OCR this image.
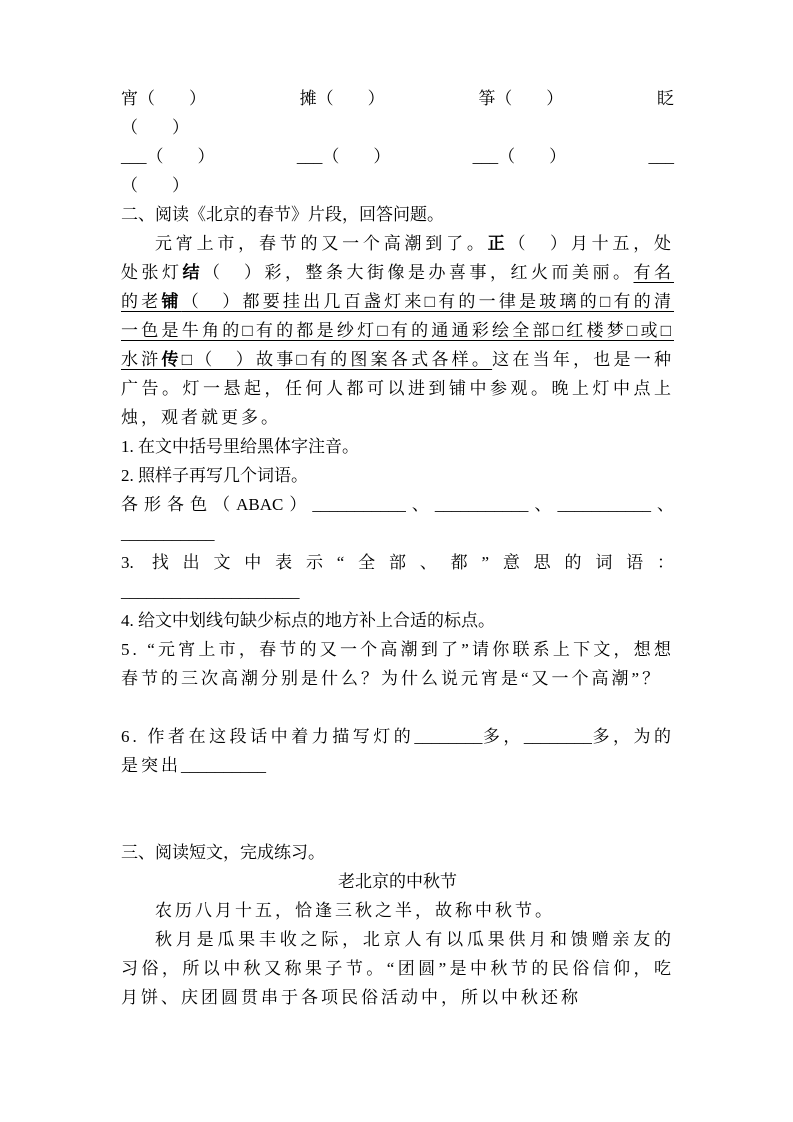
宵（　　）	摊（　　）	筝（　　）	眨
（　　）
___（　　）	___（　　）	___（　　）	___
（　　）
二、阅读《北京的春节》片段，回答问题。

元宵上市，春节的又一个高潮到了。正（　）月十五，处处张灯结（　）彩，整条大街像是办喜事，红火而美丽。有名的老铺（　）都要挂出几百盏灯来□有的一律是玻璃的□有的清一色是牛角的□有的都是纱灯□有的通通彩绘全部□红楼梦□或□水浒传□（　）故事□有的图案各式各样。这在当年，也是一种广告。灯一悬起，任何人都可以进到铺中参观。晚上灯中点上烛，观者就更多。

1. 在文中括号里给黑体字注音。
2. 照样子再写几个词语。
各形各色（ABAC）___________、___________、___________、
___________
3. 找出文中表示“全部、都”意思的词语：
_____________________
4. 给文中划线句缺少标点的地方补上合适的标点。

5. “元宵上市，春节的又一个高潮到了”请你联系上下文，想想春节的三次高潮分别是什么？为什么说元宵是“又一个高潮”？

6. 作者在这段话中着力描写灯的________多，________多，为的是突出__________

三、阅读短文，完成练习。
老北京的中秋节

农历八月十五，恰逢三秋之半，故称中秋节。

秋月是瓜果丰收之际，北京人有以瓜果供月和馈赠亲友的习俗，所以中秋又称果子节。“团圆”是中秋节的民俗信仰，吃月饼、庆团圆贯串于各项民俗活动中，所以中秋还称
